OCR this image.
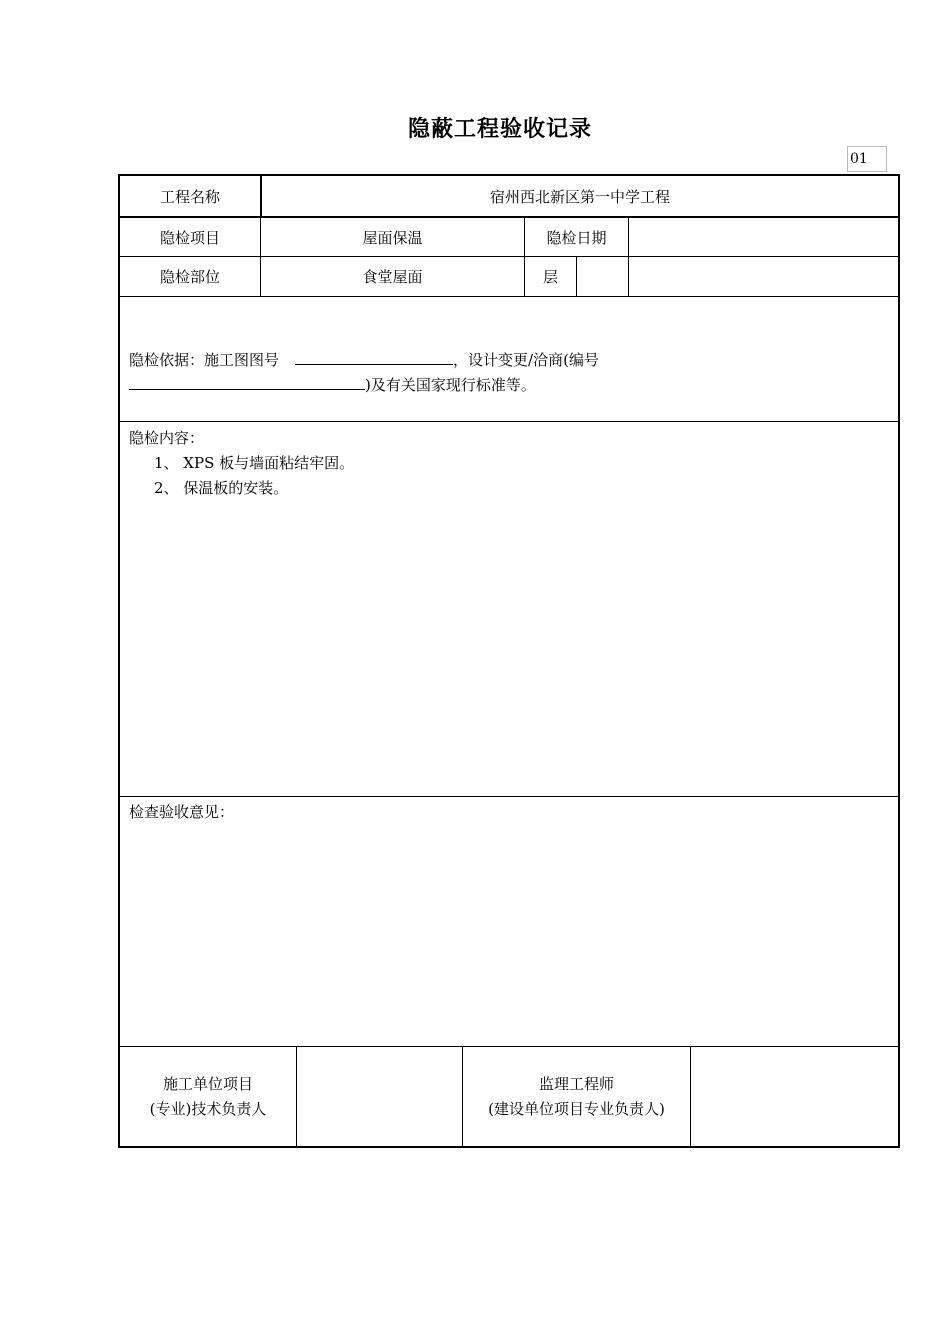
隐蔽工程验收记录
01
工程名称	宿州西北新区第一中学工程
隐检项目	屋面保温	隐检日期
隐检部位	食堂屋面	层
隐检依据：施工图图号	，设计变更/洽商(编号
)及有关国家现行标准等。
隐检内容：
1、 XPS 板与墙面粘结牢固。
2、 保温板的安装。
检查验收意见：
施工单位项目
(专业)技术负责人
监理工程师
(建设单位项目专业负责人)
